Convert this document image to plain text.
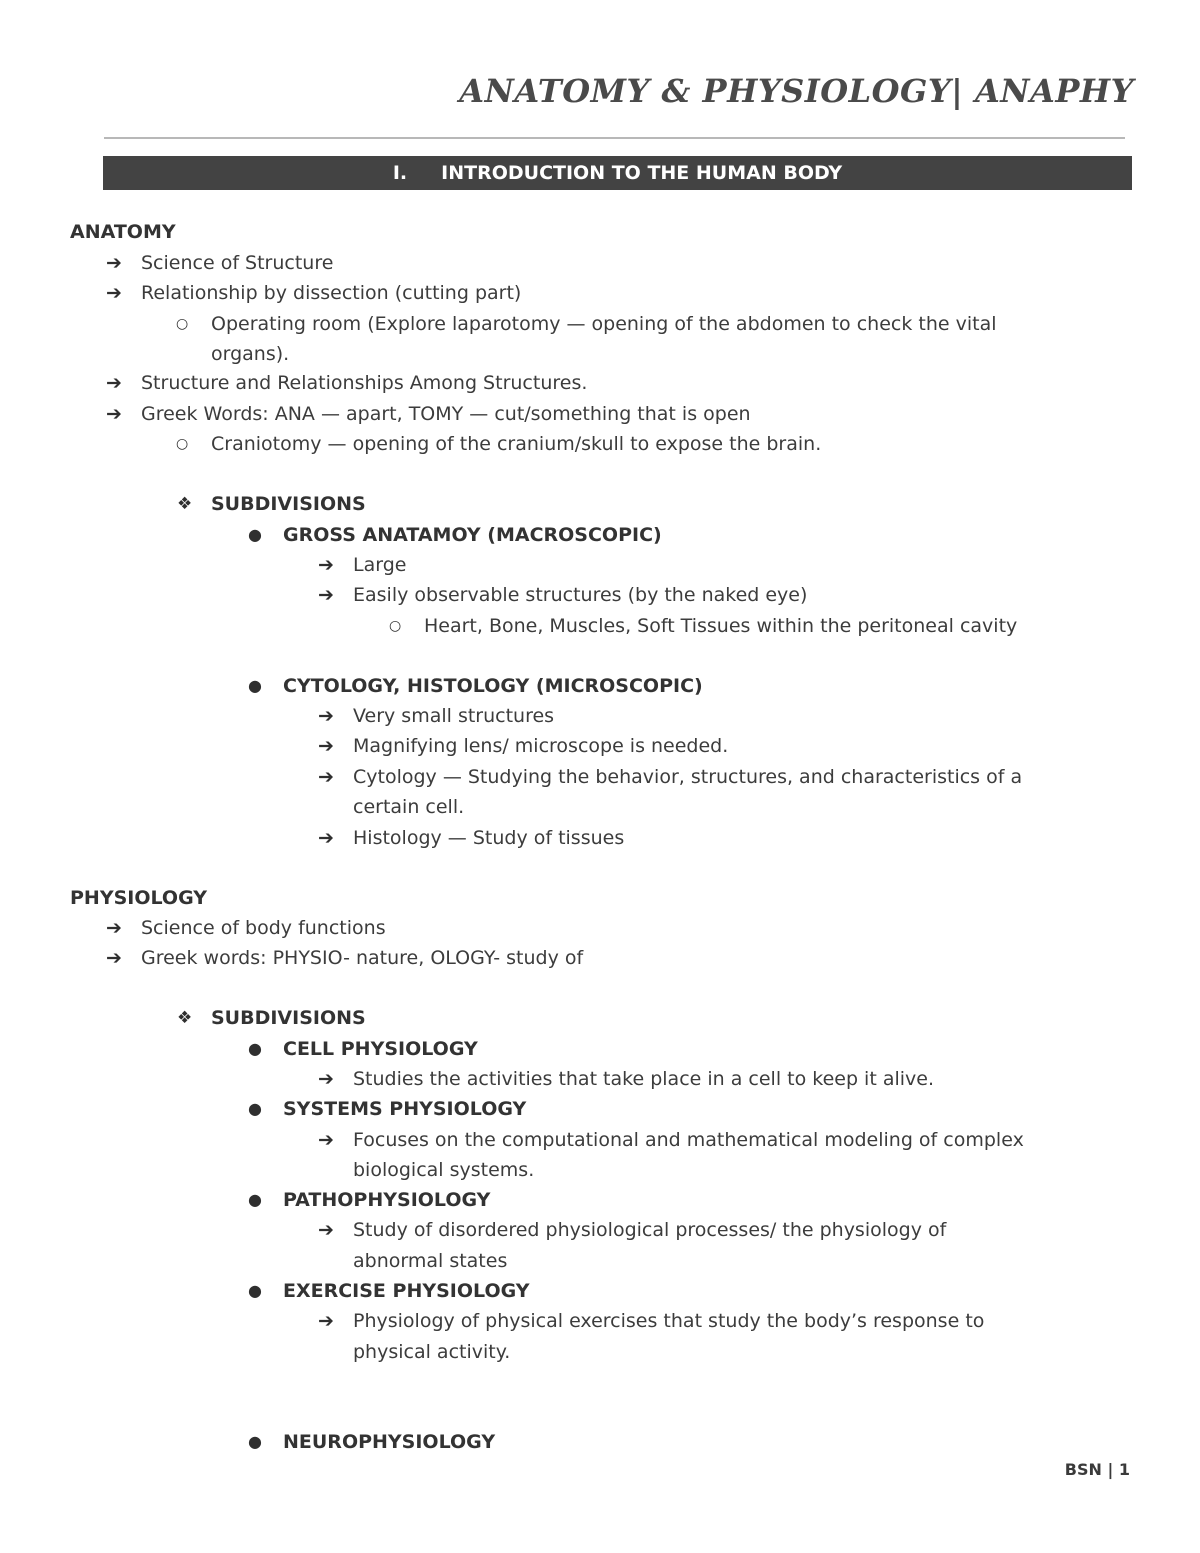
ANATOMY & PHYSIOLOGY| ANAPHY
I. INTRODUCTION TO THE HUMAN BODY
ANATOMY
➔ Science of Structure
➔ Relationship by dissection (cutting part)
○ Operating room (Explore laparotomy — opening of the abdomen to check the vital
organs).
➔ Structure and Relationships Among Structures.
➔ Greek Words: ANA — apart, TOMY — cut/something that is open
○ Craniotomy — opening of the cranium/skull to expose the brain.
❖ SUBDIVISIONS
● GROSS ANATAMOY (MACROSCOPIC)
➔ Large
➔ Easily observable structures (by the naked eye)
○ Heart, Bone, Muscles, Soft Tissues within the peritoneal cavity
● CYTOLOGY, HISTOLOGY (MICROSCOPIC)
➔ Very small structures
➔ Magnifying lens/ microscope is needed.
➔ Cytology — Studying the behavior, structures, and characteristics of a
certain cell.
➔ Histology — Study of tissues
PHYSIOLOGY
➔ Science of body functions
➔ Greek words: PHYSIO- nature, OLOGY- study of
❖ SUBDIVISIONS
● CELL PHYSIOLOGY
➔ Studies the activities that take place in a cell to keep it alive.
● SYSTEMS PHYSIOLOGY
➔ Focuses on the computational and mathematical modeling of complex
biological systems.
● PATHOPHYSIOLOGY
➔ Study of disordered physiological processes/ the physiology of
abnormal states
● EXERCISE PHYSIOLOGY
➔ Physiology of physical exercises that study the body’s response to
physical activity.
● NEUROPHYSIOLOGY
BSN | 1
